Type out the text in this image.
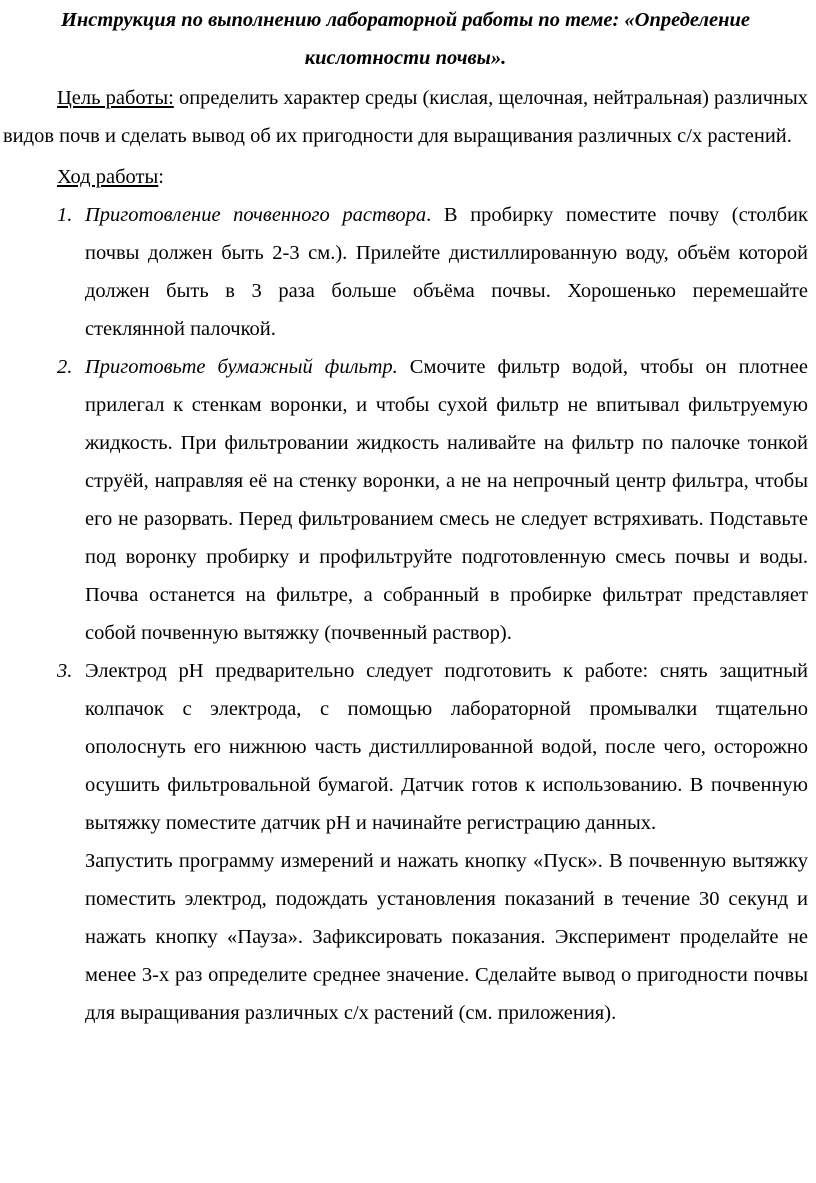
Инструкция по выполнению лабораторной работы по теме: «Определение кислотности почвы».

Цель работы: определить характер среды (кислая, щелочная, нейтральная) различных видов почв и сделать вывод об их пригодности для выращивания различных с/х растений.

Ход работы:

1. Приготовление почвенного раствора. В пробирку поместите почву (столбик почвы должен быть 2-3 см.). Прилейте дистиллированную воду, объём которой должен быть в 3 раза больше объёма почвы. Хорошенько перемешайте стеклянной палочкой.
2. Приготовьте бумажный фильтр. Смочите фильтр водой, чтобы он плотнее прилегал к стенкам воронки, и чтобы сухой фильтр не впитывал фильтруемую жидкость. При фильтровании жидкость наливайте на фильтр по палочке тонкой струёй, направляя её на стенку воронки, а не на непрочный центр фильтра, чтобы его не разорвать. Перед фильтрованием смесь не следует встряхивать. Подставьте под воронку пробирку и профильтруйте подготовленную смесь почвы и воды. Почва останется на фильтре, а собранный в пробирке фильтрат представляет собой почвенную вытяжку (почвенный раствор).
3. Электрод рН предварительно следует подготовить к работе: снять защитный колпачок с электрода, с помощью лабораторной промывалки тщательно ополоснуть его нижнюю часть дистиллированной водой, после чего, осторожно осушить фильтровальной бумагой. Датчик готов к использованию. В почвенную вытяжку поместите датчик рН и начинайте регистрацию данных.

Запустить программу измерений и нажать кнопку «Пуск». В почвенную вытяжку поместить электрод, подождать установления показаний в течение 30 секунд и нажать кнопку «Пауза». Зафиксировать показания. Эксперимент проделайте не менее 3-х раз определите среднее значение. Сделайте вывод о пригодности почвы для выращивания различных с/х растений (см. приложения).
